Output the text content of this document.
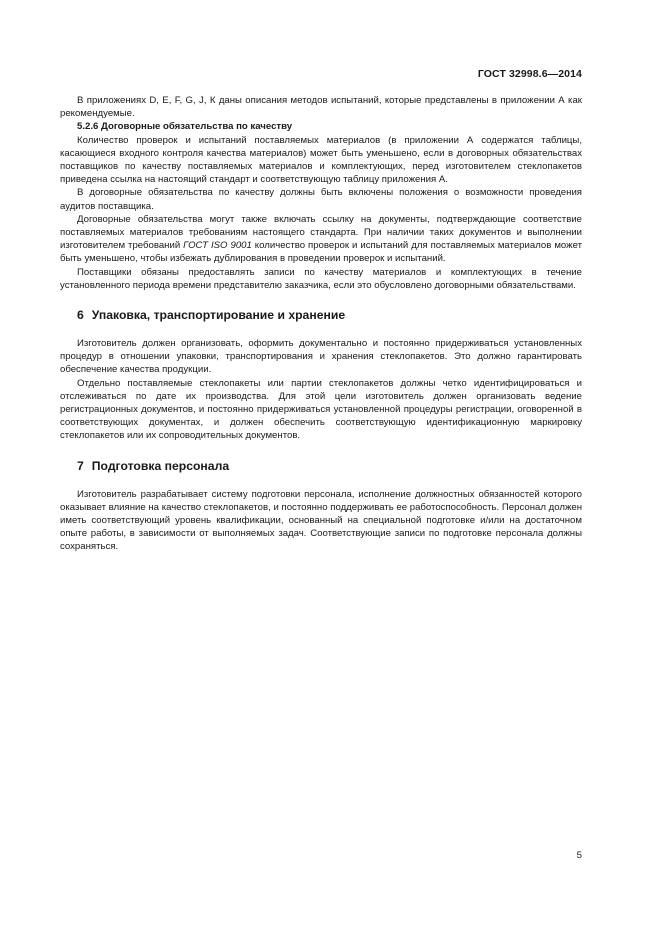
ГОСТ 32998.6—2014

В приложениях D, E, F, G, J, К даны описания методов испытаний, которые представлены в приложении А как рекомендуемые.

5.2.6 Договорные обязательства по качеству

Количество проверок и испытаний поставляемых материалов (в приложении А содержатся таблицы, касающиеся входного контроля качества материалов) может быть уменьшено, если в договорных обязательствах поставщиков по качеству поставляемых материалов и комплектующих, перед изготовителем стеклопакетов приведена ссылка на настоящий стандарт и соответствующую таблицу приложения А.

В договорные обязательства по качеству должны быть включены положения о возможности проведения аудитов поставщика.

Договорные обязательства могут также включать ссылку на документы, подтверждающие соответствие поставляемых материалов требованиям настоящего стандарта. При наличии таких документов и выполнении изготовителем требований ГОСТ ISO 9001 количество проверок и испытаний для поставляемых материалов может быть уменьшено, чтобы избежать дублирования в проведении проверок и испытаний.

Поставщики обязаны предоставлять записи по качеству материалов и комплектующих в течение установленного периода времени представителю заказчика, если это обусловлено договорными обязательствами.

6 Упаковка, транспортирование и хранение

Изготовитель должен организовать, оформить документально и постоянно придерживаться установленных процедур в отношении упаковки, транспортирования и хранения стеклопакетов. Это должно гарантировать обеспечение качества продукции.

Отдельно поставляемые стеклопакеты или партии стеклопакетов должны четко идентифицироваться и отслеживаться по дате их производства. Для этой цели изготовитель должен организовать ведение регистрационных документов, и постоянно придерживаться установленной процедуры регистрации, оговоренной в соответствующих документах, и должен обеспечить соответствующую идентификационную маркировку стеклопакетов или их сопроводительных документов.

7 Подготовка персонала

Изготовитель разрабатывает систему подготовки персонала, исполнение должностных обязанностей которого оказывает влияние на качество стеклопакетов, и постоянно поддерживать ее работоспособность. Персонал должен иметь соответствующий уровень квалификации, основанный на специальной подготовке и/или на достаточном опыте работы, в зависимости от выполняемых задач. Соответствующие записи по подготовке персонала должны сохраняться.

5
